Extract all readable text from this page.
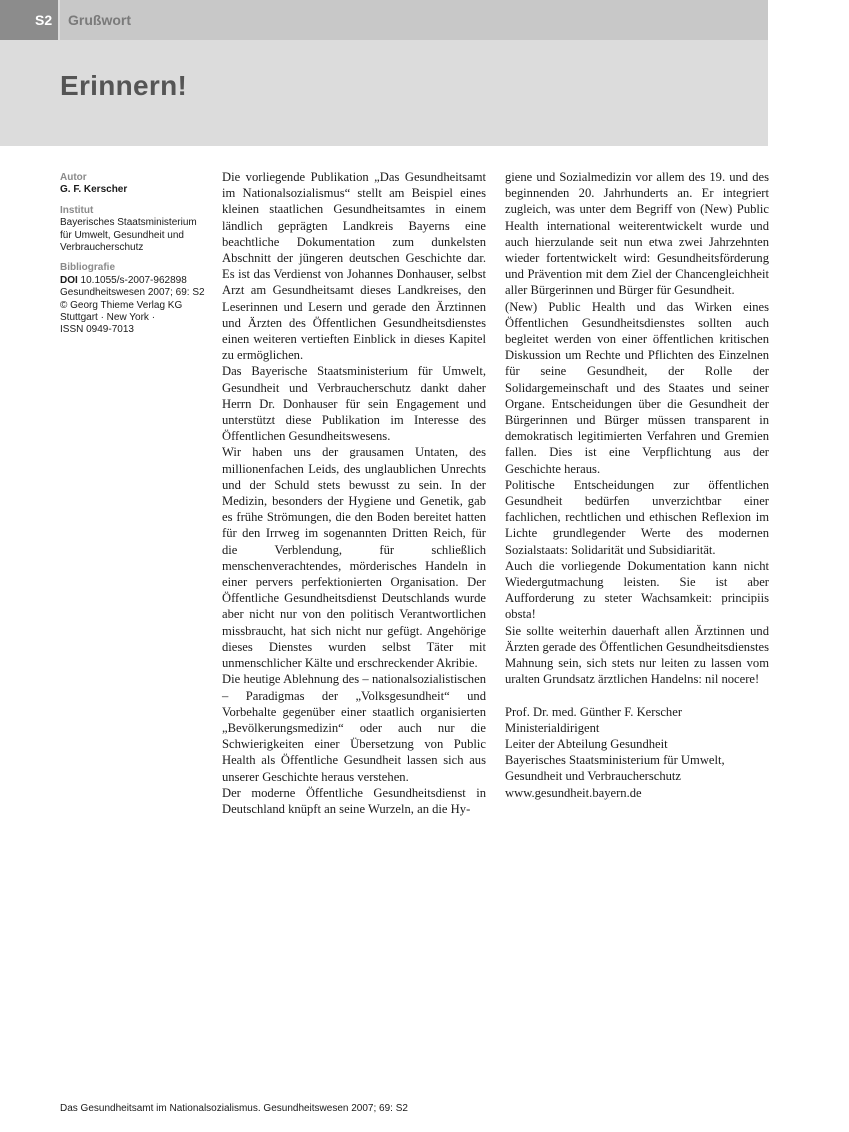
S2	Grußwort
Erinnern!
Autor
G. F. Kerscher
Institut
Bayerisches Staatsministerium
für Umwelt, Gesundheit und
Verbraucherschutz
Bibliografie
DOI 10.1055/s-2007-962898
Gesundheitswesen 2007; 69: S2
© Georg Thieme Verlag KG
Stuttgart · New York ·
ISSN 0949-7013

Die vorliegende Publikation „Das Gesundheitsamt im Nationalsozialismus“ stellt am Beispiel eines kleinen staatlichen Gesundheitsamtes in einem ländlich geprägten Landkreis Bayerns eine beachtliche Dokumentation zum dunkelsten Abschnitt der jüngeren deutschen Geschichte dar. Es ist das Verdienst von Johannes Donhauser, selbst Arzt am Gesundheitsamt dieses Landkreises, den Leserinnen und Lesern und gerade den Ärztinnen und Ärzten des Öffentlichen Gesundheitsdienstes einen weiteren vertieften Einblick in dieses Kapitel zu ermöglichen.

Das Bayerische Staatsministerium für Umwelt, Gesundheit und Verbraucherschutz dankt daher Herrn Dr. Donhauser für sein Engagement und unterstützt diese Publikation im Interesse des Öffentlichen Gesundheitswesens.

Wir haben uns der grausamen Untaten, des millionenfachen Leids, des unglaublichen Unrechts und der Schuld stets bewusst zu sein. In der Medizin, besonders der Hygiene und Genetik, gab es frühe Strömungen, die den Boden bereitet hatten für den Irrweg im sogenannten Dritten Reich, für die Verblendung, für schließlich menschenverachtendes, mörderisches Handeln in einer pervers perfektionierten Organisation. Der Öffentliche Gesundheitsdienst Deutschlands wurde aber nicht nur von den politisch Verantwortlichen missbraucht, hat sich nicht nur gefügt. Angehörige dieses Dienstes wurden selbst Täter mit unmenschlicher Kälte und erschreckender Akribie.

Die heutige Ablehnung des – nationalsozialistischen – Paradigmas der „Volksgesundheit“ und Vorbehalte gegenüber einer staatlich organisierten „Bevölkerungsmedizin“ oder auch nur die Schwierigkeiten einer Übersetzung von Public Health als Öffentliche Gesundheit lassen sich aus unserer Geschichte heraus verstehen.

Der moderne Öffentliche Gesundheitsdienst in Deutschland knüpft an seine Wurzeln, an die Hy-

giene und Sozialmedizin vor allem des 19. und des beginnenden 20. Jahrhunderts an. Er integriert zugleich, was unter dem Begriff von (New) Public Health international weiterentwickelt wurde und auch hierzulande seit nun etwa zwei Jahrzehnten wieder fortentwickelt wird: Gesundheitsförderung und Prävention mit dem Ziel der Chancengleichheit aller Bürgerinnen und Bürger für Gesundheit.

(New) Public Health und das Wirken eines Öffentlichen Gesundheitsdienstes sollten auch begleitet werden von einer öffentlichen kritischen Diskussion um Rechte und Pflichten des Einzelnen für seine Gesundheit, der Rolle der Solidargemeinschaft und des Staates und seiner Organe. Entscheidungen über die Gesundheit der Bürgerinnen und Bürger müssen transparent in demokratisch legitimierten Verfahren und Gremien fallen. Dies ist eine Verpflichtung aus der Geschichte heraus.

Politische Entscheidungen zur öffentlichen Gesundheit bedürfen unverzichtbar einer fachlichen, rechtlichen und ethischen Reflexion im Lichte grundlegender Werte des modernen Sozialstaats: Solidarität und Subsidiarität.

Auch die vorliegende Dokumentation kann nicht Wiedergutmachung leisten. Sie ist aber Aufforderung zu steter Wachsamkeit: principiis obsta!

Sie sollte weiterhin dauerhaft allen Ärztinnen und Ärzten gerade des Öffentlichen Gesundheitsdienstes Mahnung sein, sich stets nur leiten zu lassen vom uralten Grundsatz ärztlichen Handelns: nil nocere!

Prof. Dr. med. Günther F. Kerscher

Ministerialdirigent

Leiter der Abteilung Gesundheit

Bayerisches Staatsministerium für Umwelt,

Gesundheit und Verbraucherschutz

www.gesundheit.bayern.de

Das Gesundheitsamt im Nationalsozialismus. Gesundheitswesen 2007; 69: S2
